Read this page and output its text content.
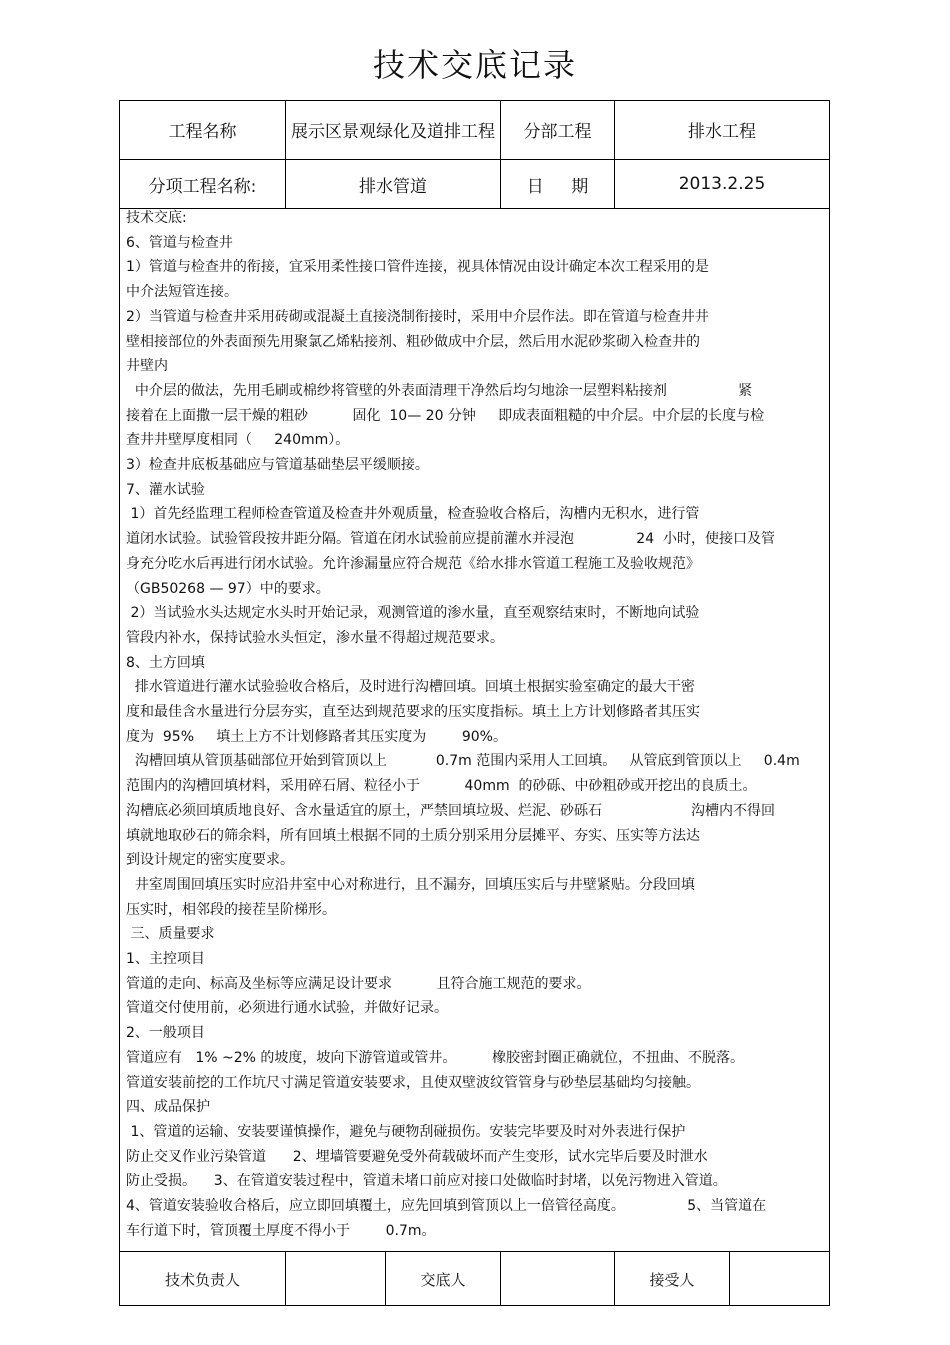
技术交底记录
工程名称	展示区景观绿化及道排工程	分部工程	排水工程
分项工程名称:	排水管道	日 期	2013.2.25
技术交底:
6、管道与检查井
1）管道与检查井的衔接，宜采用柔性接口管件连接，视具体情况由设计确定本次工程采用的是
中介法短管连接。
2）当管道与检查井采用砖砌或混凝土直接浇制衔接时，采用中介层作法。即在管道与检查井井
壁相接部位的外表面预先用聚氯乙烯粘接剂、粗砂做成中介层，然后用水泥砂浆砌入检查井的
井壁内
中介层的做法，先用毛刷或棉纱将管壁的外表面清理干净然后均匀地涂一层塑料粘接剂                紧
接着在上面撒一层干燥的粗砂          固化  10— 20 分钟     即成表面粗糙的中介层。中介层的长度与检
查井井壁厚度相同（     240mm）。
3）检查井底板基础应与管道基础垫层平缓顺接。
7、灌水试验
1）首先经监理工程师检查管道及检查井外观质量，检查验收合格后，沟槽内无积水，进行管
道闭水试验。试验管段按井距分隔。管道在闭水试验前应提前灌水并浸泡              24  小时，使接口及管
身充分吃水后再进行闭水试验。允许渗漏量应符合规范《给水排水管道工程施工及验收规范》
（GB50268 — 97）中的要求。
2）当试验水头达规定水头时开始记录，观测管道的渗水量，直至观察结束时，不断地向试验
管段内补水，保持试验水头恒定，渗水量不得超过规范要求。
8、土方回填
排水管道进行灌水试验验收合格后，及时进行沟槽回填。回填土根据实验室确定的最大干密
度和最佳含水量进行分层夯实，直至达到规范要求的压实度指标。填土上方计划修路者其压实
度为  95%     填土上方不计划修路者其压实度为        90%。
沟槽回填从管顶基础部位开始到管顶以上           0.7m 范围内采用人工回填。   从管底到管顶以上     0.4m
范围内的沟槽回填材料，采用碎石屑、粒径小于          40mm  的砂砾、中砂粗砂或开挖出的良质土。
沟槽底必须回填质地良好、含水量适宜的原土，严禁回填垃圾、烂泥、砂砾石                    沟槽内不得回
填就地取砂石的筛余料，所有回填土根据不同的土质分别采用分层摊平、夯实、压实等方法达
到设计规定的密实度要求。
井室周围回填压实时应沿井室中心对称进行，且不漏夯，回填压实后与井壁紧贴。分段回填
压实时，相邻段的接茬呈阶梯形。
三、质量要求
1、主控项目
管道的走向、标高及坐标等应满足设计要求          且符合施工规范的要求。
管道交付使用前，必须进行通水试验，并做好记录。
2、一般项目
管道应有   1% ~2% 的坡度，坡向下游管道或管井。        橡胶密封圈正确就位，不扭曲、不脱落。
管道安装前挖的工作坑尺寸满足管道安装要求，且使双壁波纹管管身与砂垫层基础均匀接触。
四、成品保护
1、管道的运输、安装要谨慎操作，避免与硬物刮碰损伤。安装完毕要及时对外表进行保护
防止交叉作业污染管道      2、埋墙管要避免受外荷载破坏而产生变形，试水完毕后要及时泄水
防止受损。    3、在管道安装过程中，管道未堵口前应对接口处做临时封堵，以免污物进入管道。
4、管道安装验收合格后，应立即回填覆土，应先回填到管顶以上一倍管径高度。              5、当管道在
车行道下时，管顶覆土厚度不得小于        0.7m。
技术负责人	交底人	接受人
